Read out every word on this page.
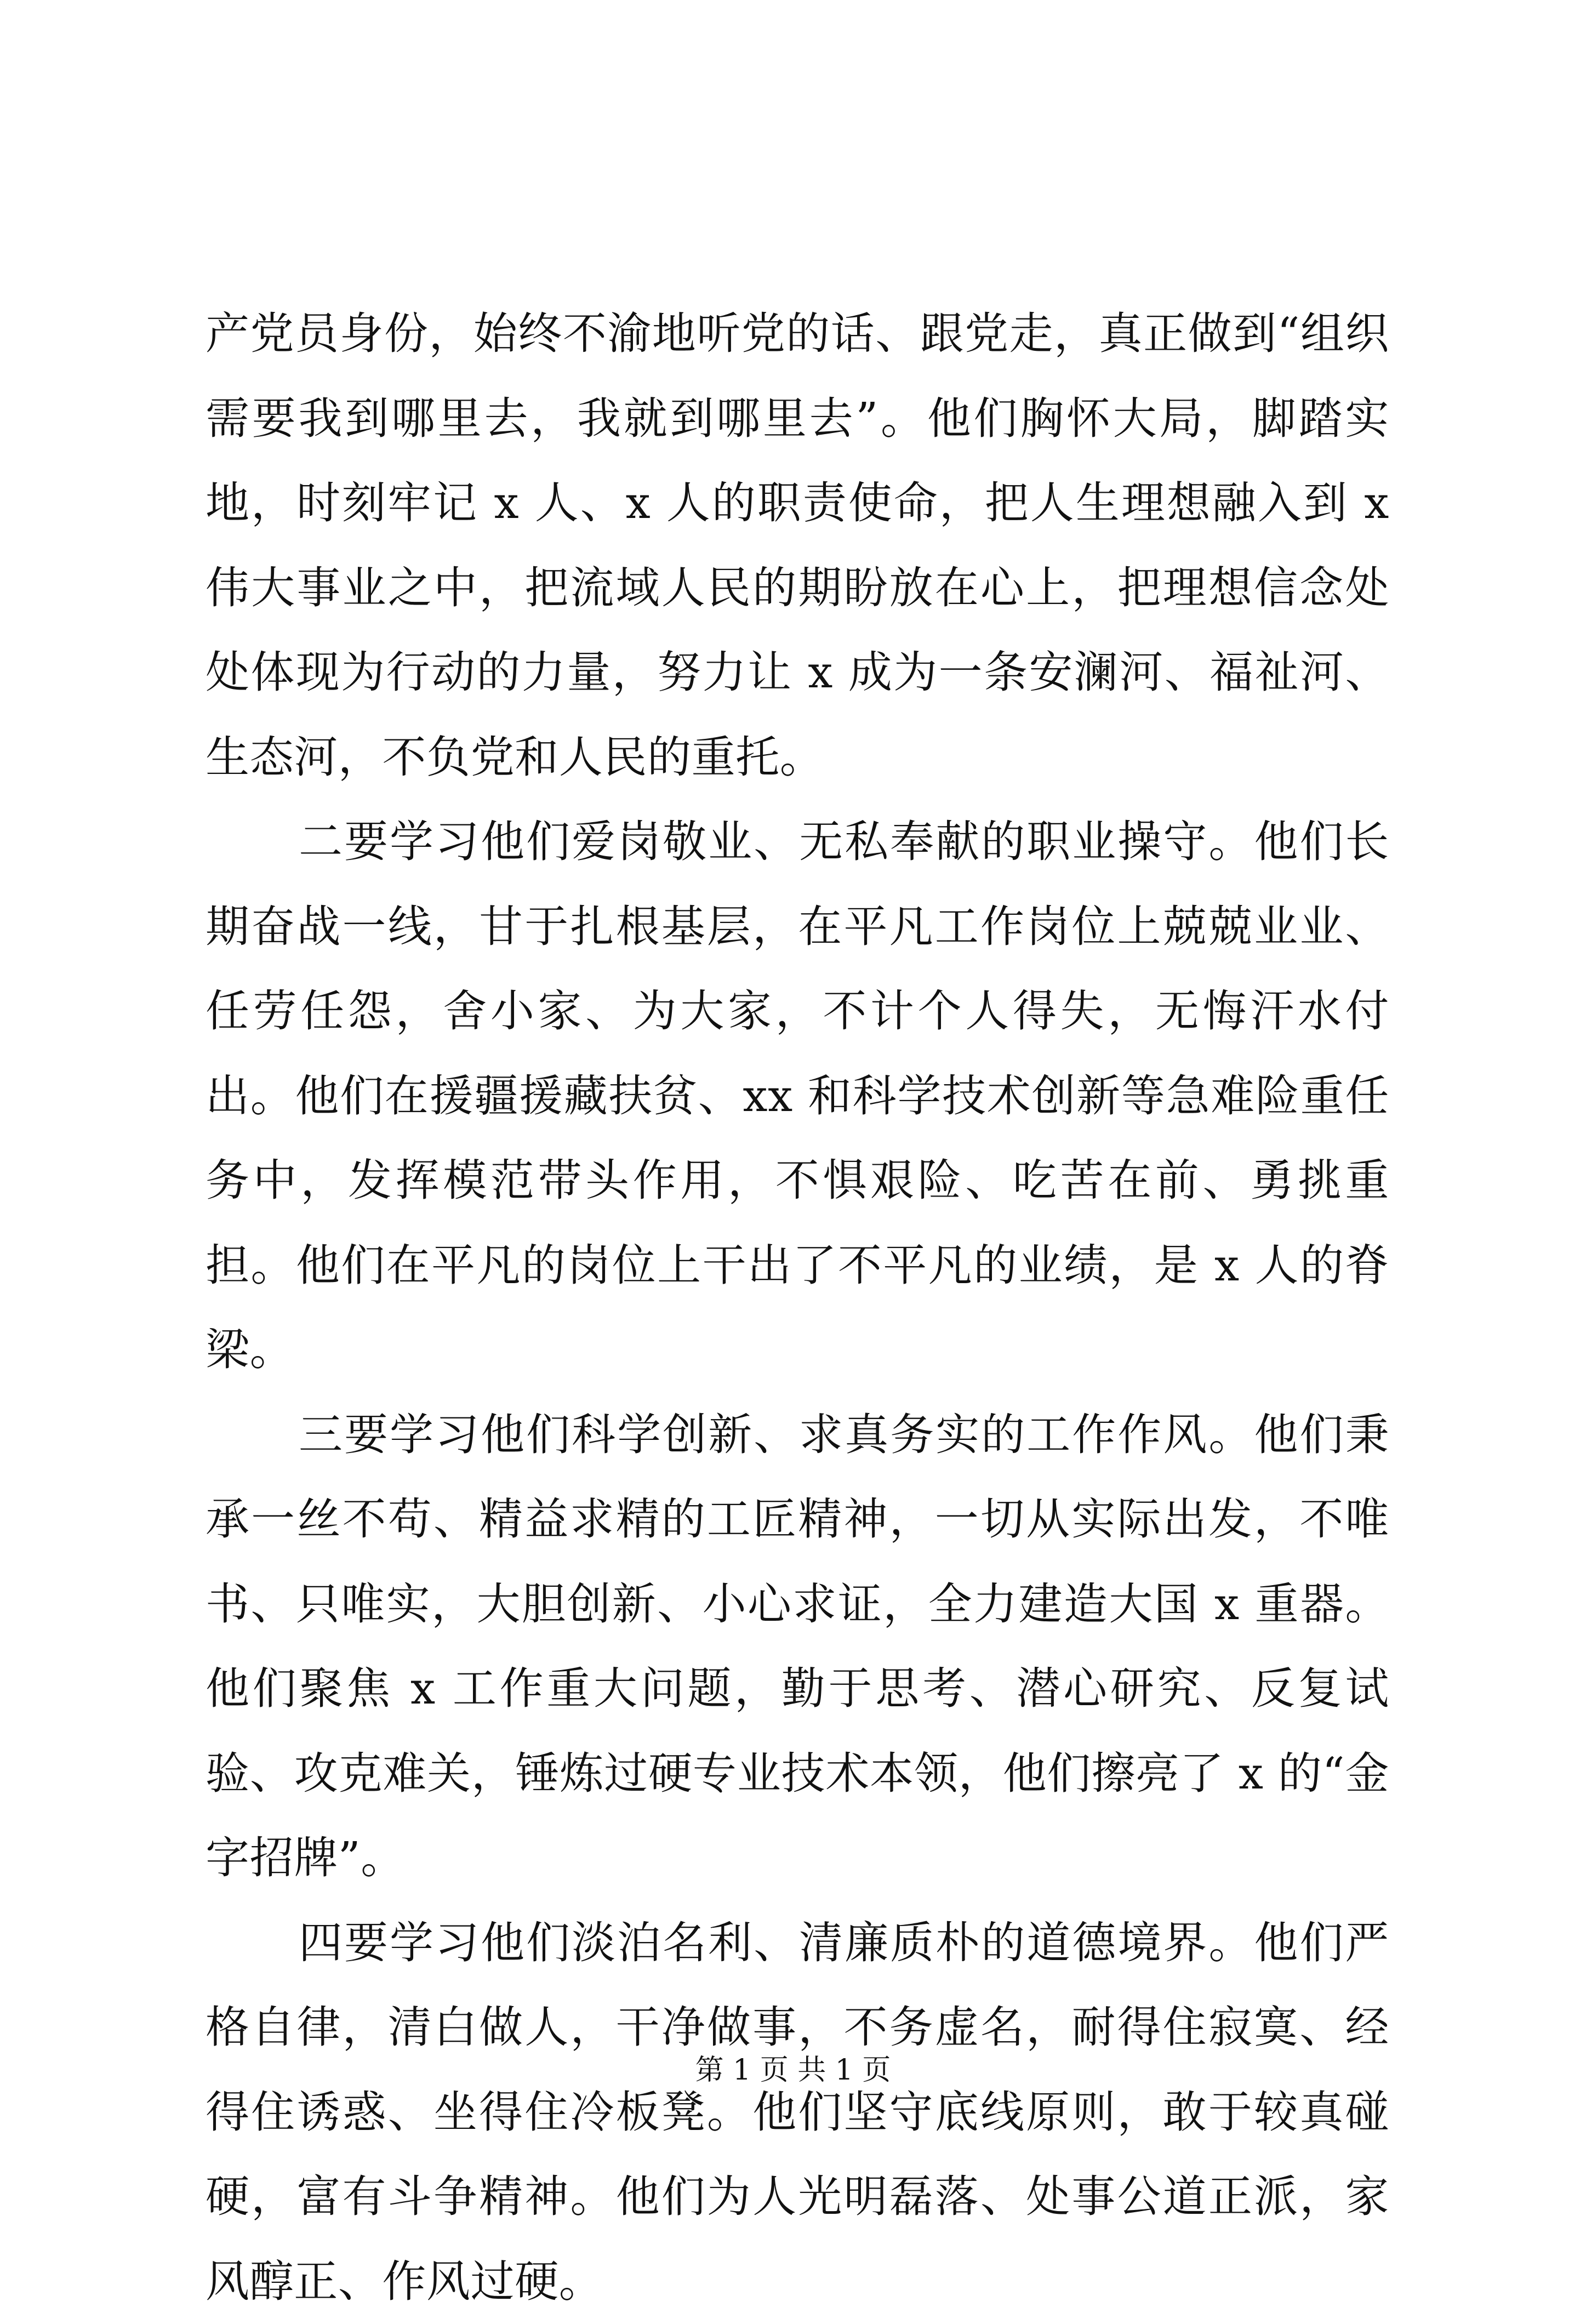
产党员身份，始终不渝地听党的话、跟党走，真正做到“组织需要我到哪里去，我就到哪里去”。他们胸怀大局，脚踏实地，时刻牢记 x 人、x 人的职责使命，把人生理想融入到 x 伟大事业之中，把流域人民的期盼放在心上，把理想信念处处体现为行动的力量，努力让 x 成为一条安澜河、福祉河、生态河，不负党和人民的重托。

二要学习他们爱岗敬业、无私奉献的职业操守。他们长期奋战一线，甘于扎根基层，在平凡工作岗位上兢兢业业、任劳任怨，舍小家、为大家，不计个人得失，无悔汗水付出。他们在援疆援藏扶贫、xx 和科学技术创新等急难险重任务中，发挥模范带头作用，不惧艰险、吃苦在前、勇挑重担。他们在平凡的岗位上干出了不平凡的业绩，是 x 人的脊梁。

三要学习他们科学创新、求真务实的工作作风。他们秉承一丝不苟、精益求精的工匠精神，一切从实际出发，不唯书、只唯实，大胆创新、小心求证，全力建造大国 x 重器。他们聚焦 x 工作重大问题，勤于思考、潜心研究、反复试验、攻克难关，锤炼过硬专业技术本领，他们擦亮了 x 的“金字招牌”。

四要学习他们淡泊名利、清廉质朴的道德境界。他们严格自律，清白做人，干净做事，不务虚名，耐得住寂寞、经得住诱惑、坐得住冷板凳。他们坚守底线原则，敢于较真碰硬，富有斗争精神。他们为人光明磊落、处事公道正派，家风醇正、作风过硬。

第 1 页 共 1 页
